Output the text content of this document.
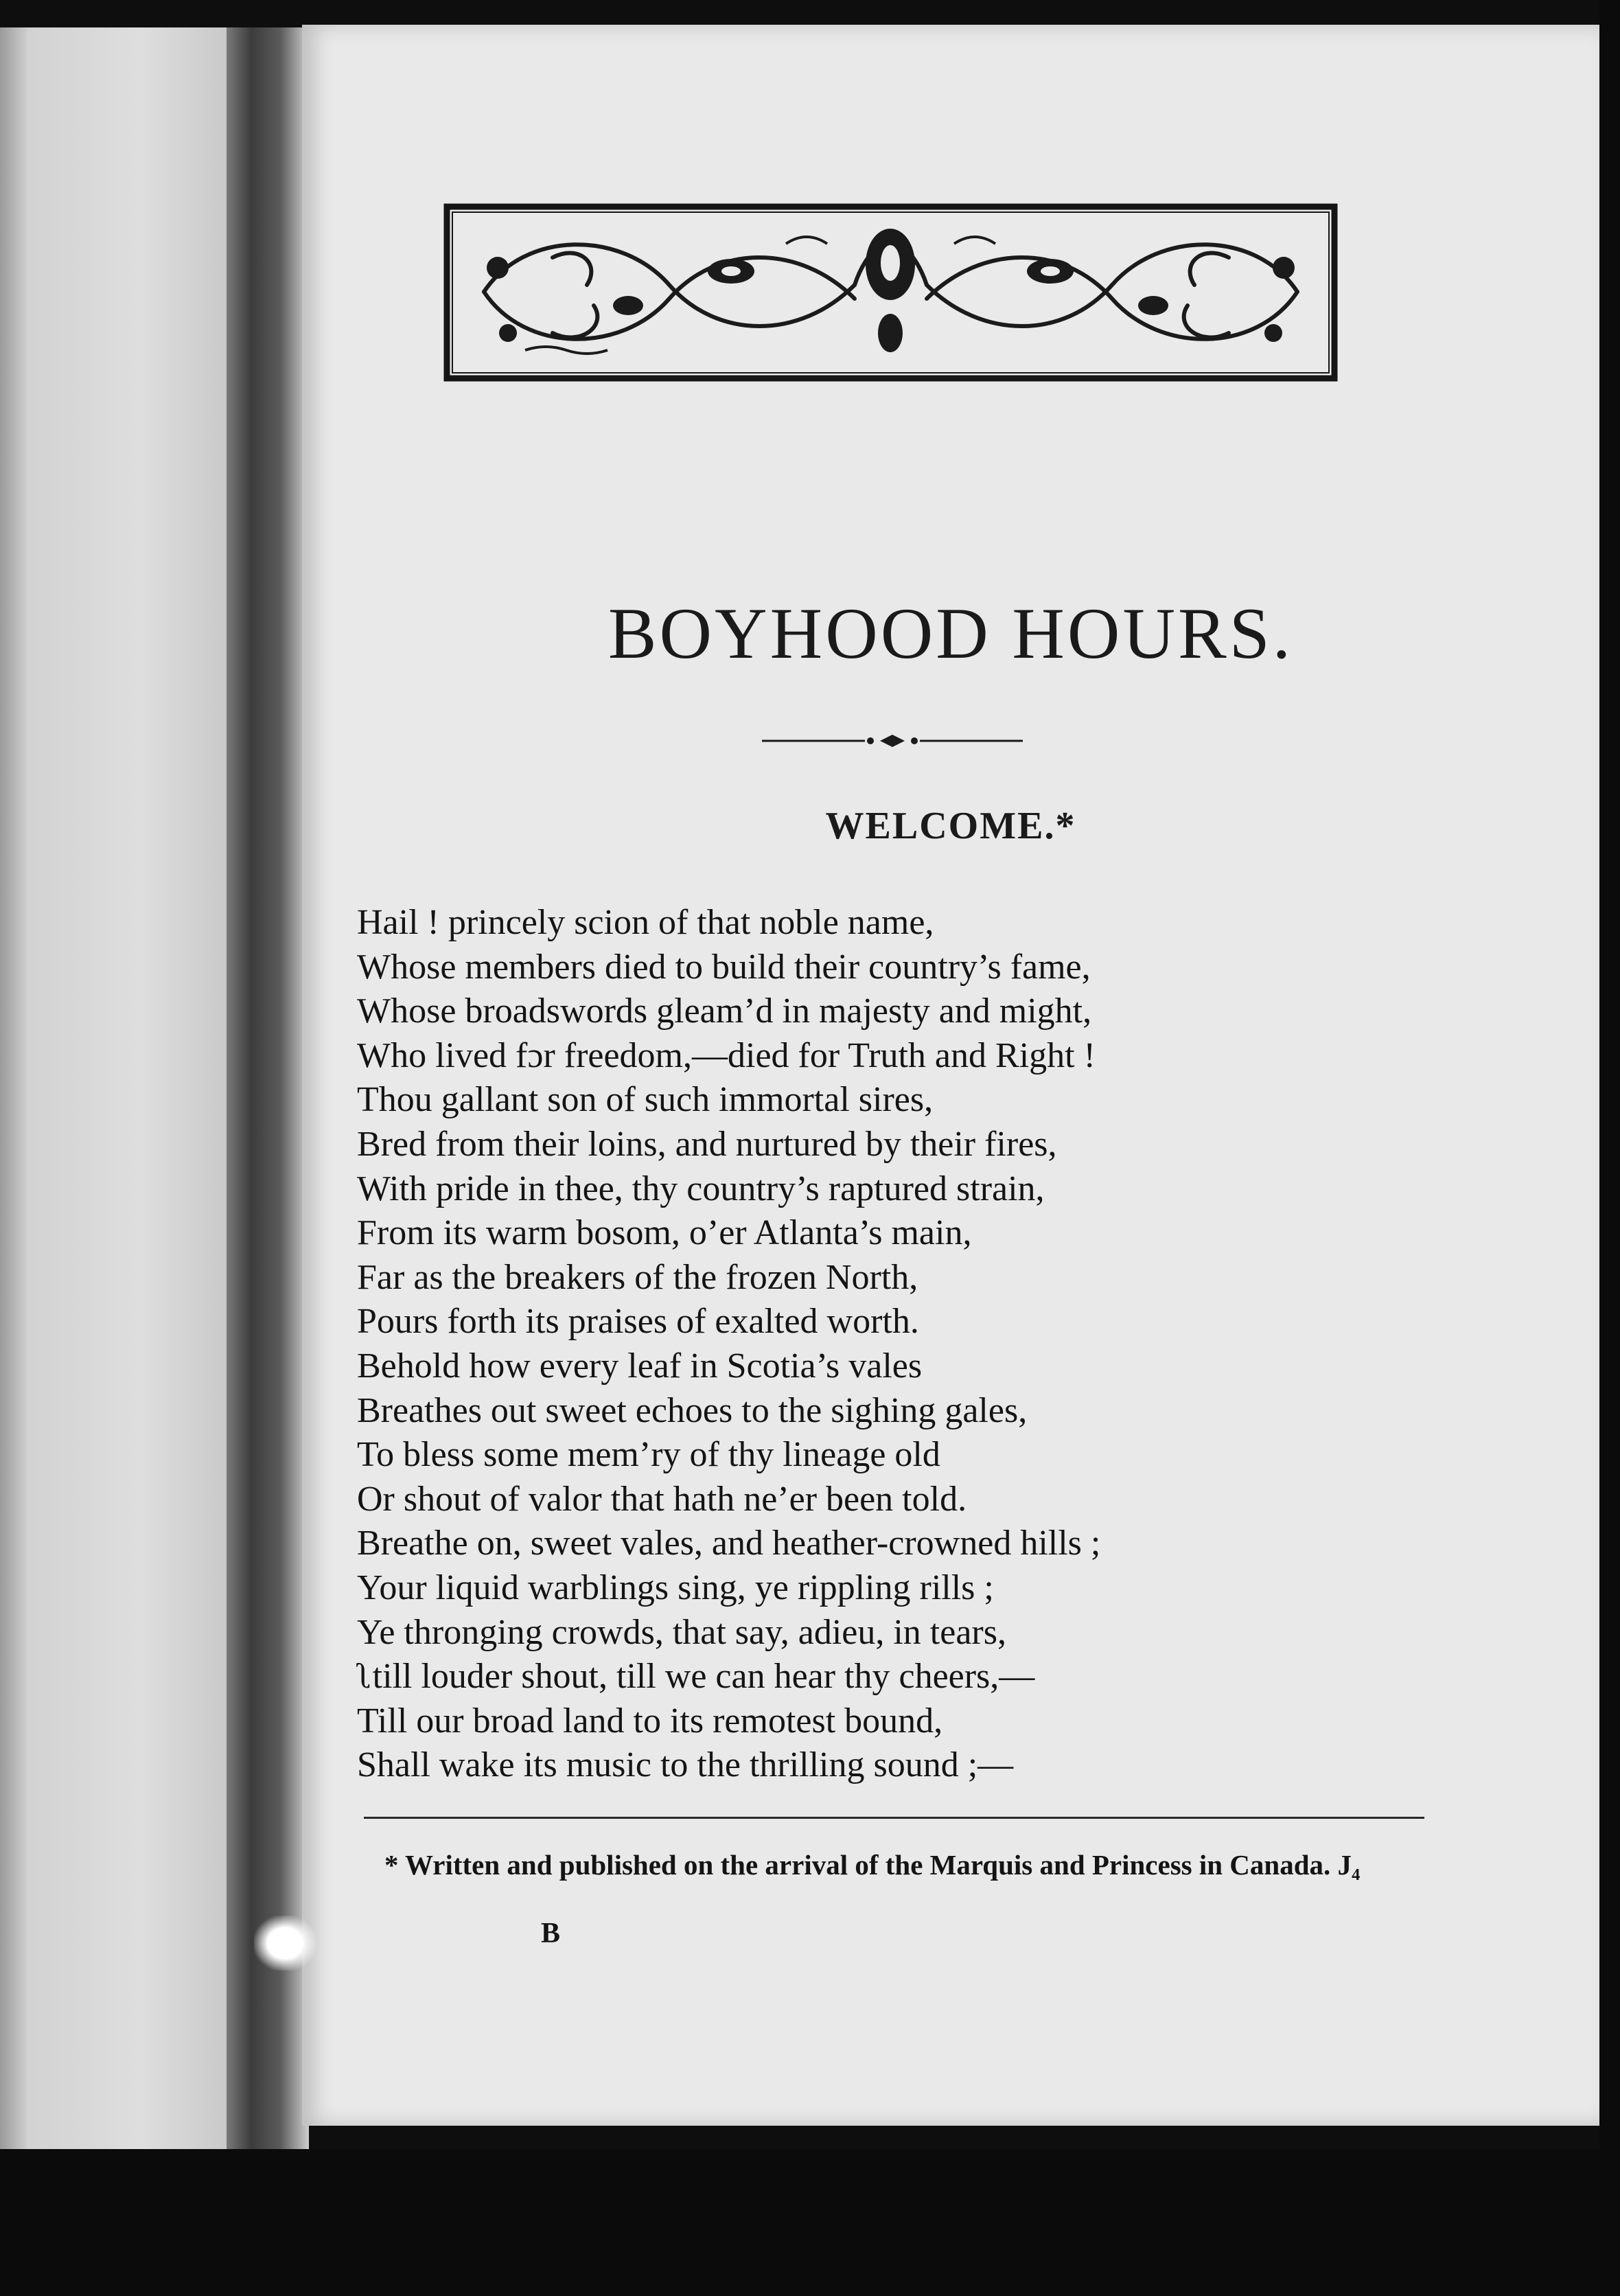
BOYHOOD HOURS.
WELCOME.*
Hail ! princely scion of that noble name,
Whose members died to build their country’s fame,
Whose broadswords gleam’d in majesty and might,
Who lived fɔr freedom,—died for Truth and Right !
Thou gallant son of such immortal sires,
Bred from their loins, and nurtured by their fires,
With pride in thee, thy country’s raptured strain,
From its warm bosom, o’er Atlanta’s main,
Far as the breakers of the frozen North,
Pours forth its praises of exalted worth.
Behold how every leaf in Scotia’s vales
Breathes out sweet echoes to the sighing gales,
To bless some mem’ry of thy lineage old
Or shout of valor that hath ne’er been told.
Breathe on, sweet vales, and heather-crowned hills ;
Your liquid warblings sing, ye rippling rills ;
Ye thronging crowds, that say, adieu, in tears,
ʅtill louder shout, till we can hear thy cheers,—
Till our broad land to its remotest bound,
Shall wake its music to the thrilling sound ;—

* Written and published on the arrival of the Marquis and Princess in Canada. J₄

B
